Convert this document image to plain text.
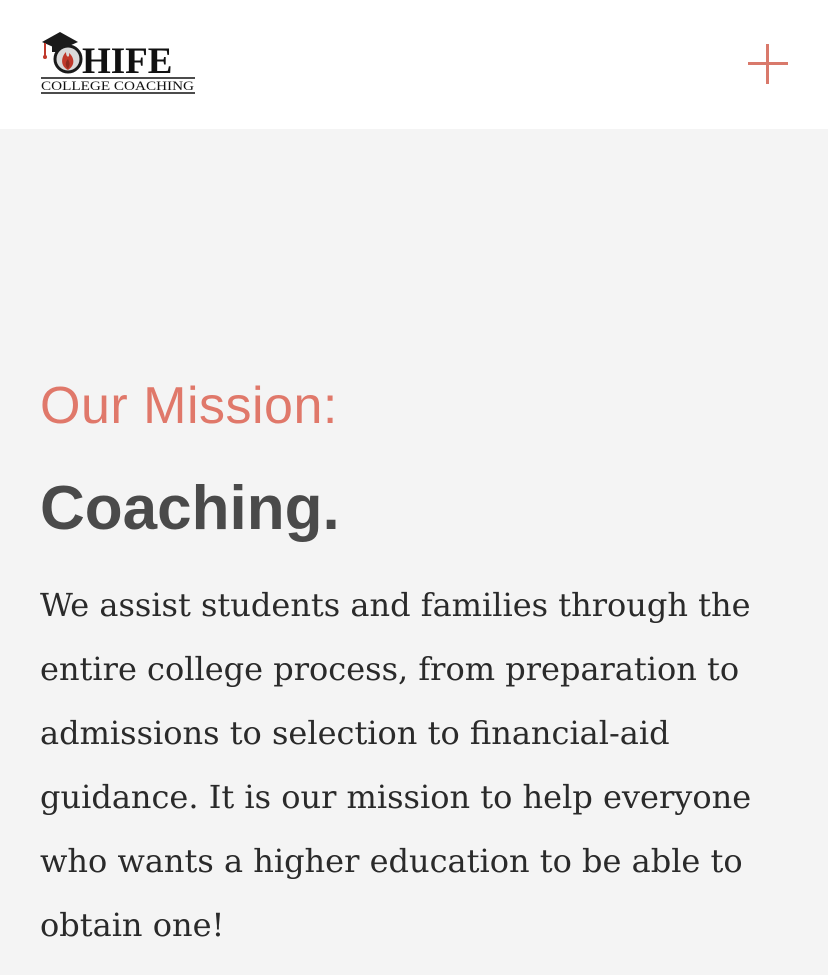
HIFE
COLLEGE COACHING
Our Mission:
Coaching.

We assist students and families through the entire college process, from preparation to admissions to selection to financial-aid guidance. It is our mission to help everyone who wants a higher education to be able to obtain one!
